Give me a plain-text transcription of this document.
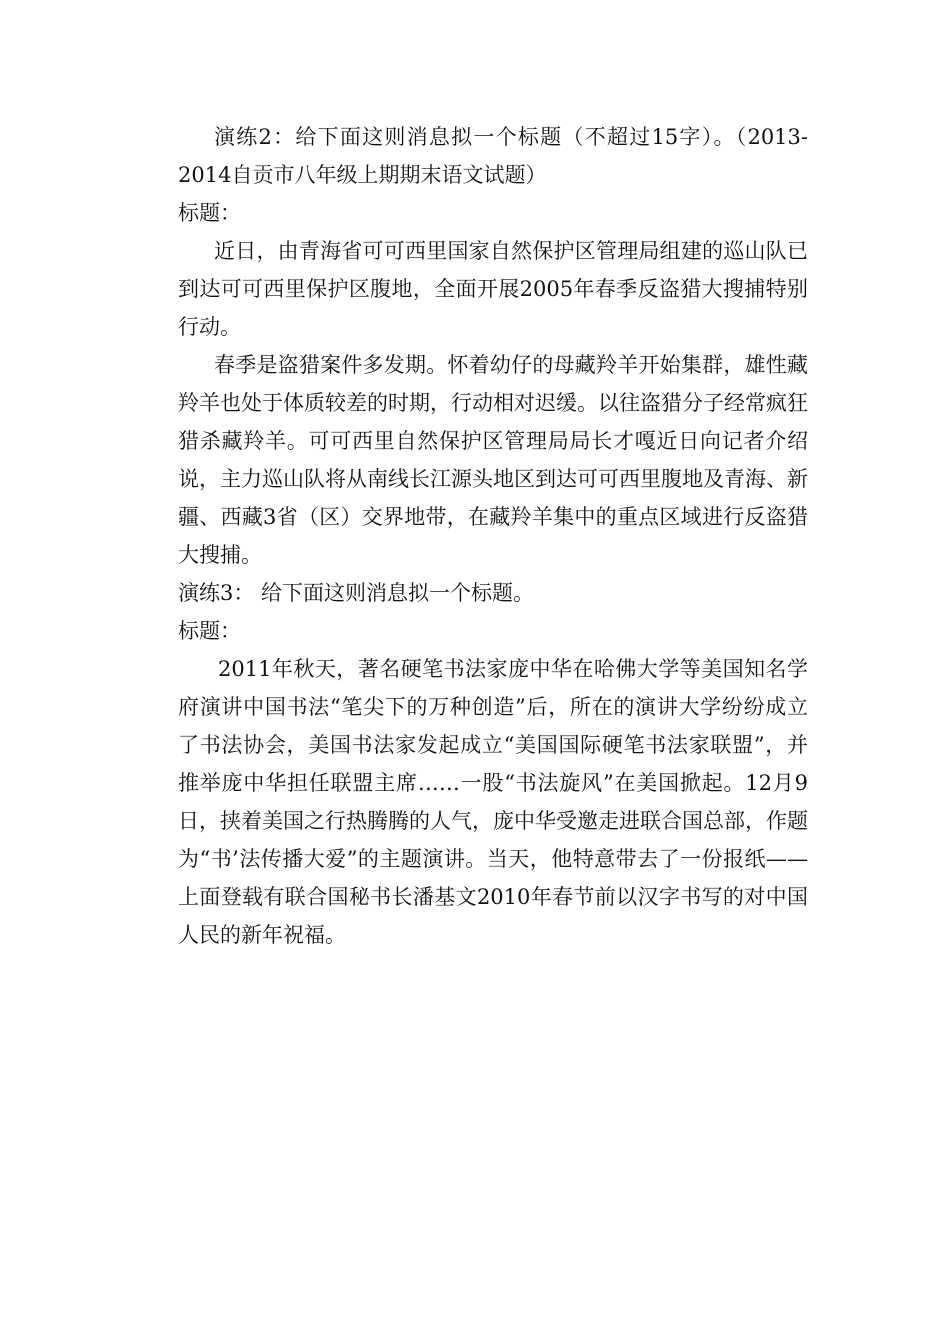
演练2：给下面这则消息拟一个标题（不超过15字）。（2013-2014自贡市八年级上期期末语文试题）

标题：

近日，由青海省可可西里国家自然保护区管理局组建的巡山队已到达可可西里保护区腹地，全面开展2005年春季反盗猎大搜捕特别行动。

春季是盗猎案件多发期。怀着幼仔的母藏羚羊开始集群，雄性藏羚羊也处于体质较差的时期，行动相对迟缓。以往盗猎分子经常疯狂猎杀藏羚羊。可可西里自然保护区管理局局长才嘎近日向记者介绍说，主力巡山队将从南线长江源头地区到达可可西里腹地及青海、新疆、西藏3省（区）交界地带，在藏羚羊集中的重点区域进行反盗猎大搜捕。

演练3： 给下面这则消息拟一个标题。

标题：

2011年秋天，著名硬笔书法家庞中华在哈佛大学等美国知名学府演讲中国书法“笔尖下的万种创造”后，所在的演讲大学纷纷成立了书法协会，美国书法家发起成立“美国国际硬笔书法家联盟”，并推举庞中华担任联盟主席……一股“书法旋风”在美国掀起。12月9日，挟着美国之行热腾腾的人气，庞中华受邀走进联合国总部，作题为“书’法传播大爱”的主题演讲。当天，他特意带去了一份报纸——上面登载有联合国秘书长潘基文2010年春节前以汉字书写的对中国人民的新年祝福。
